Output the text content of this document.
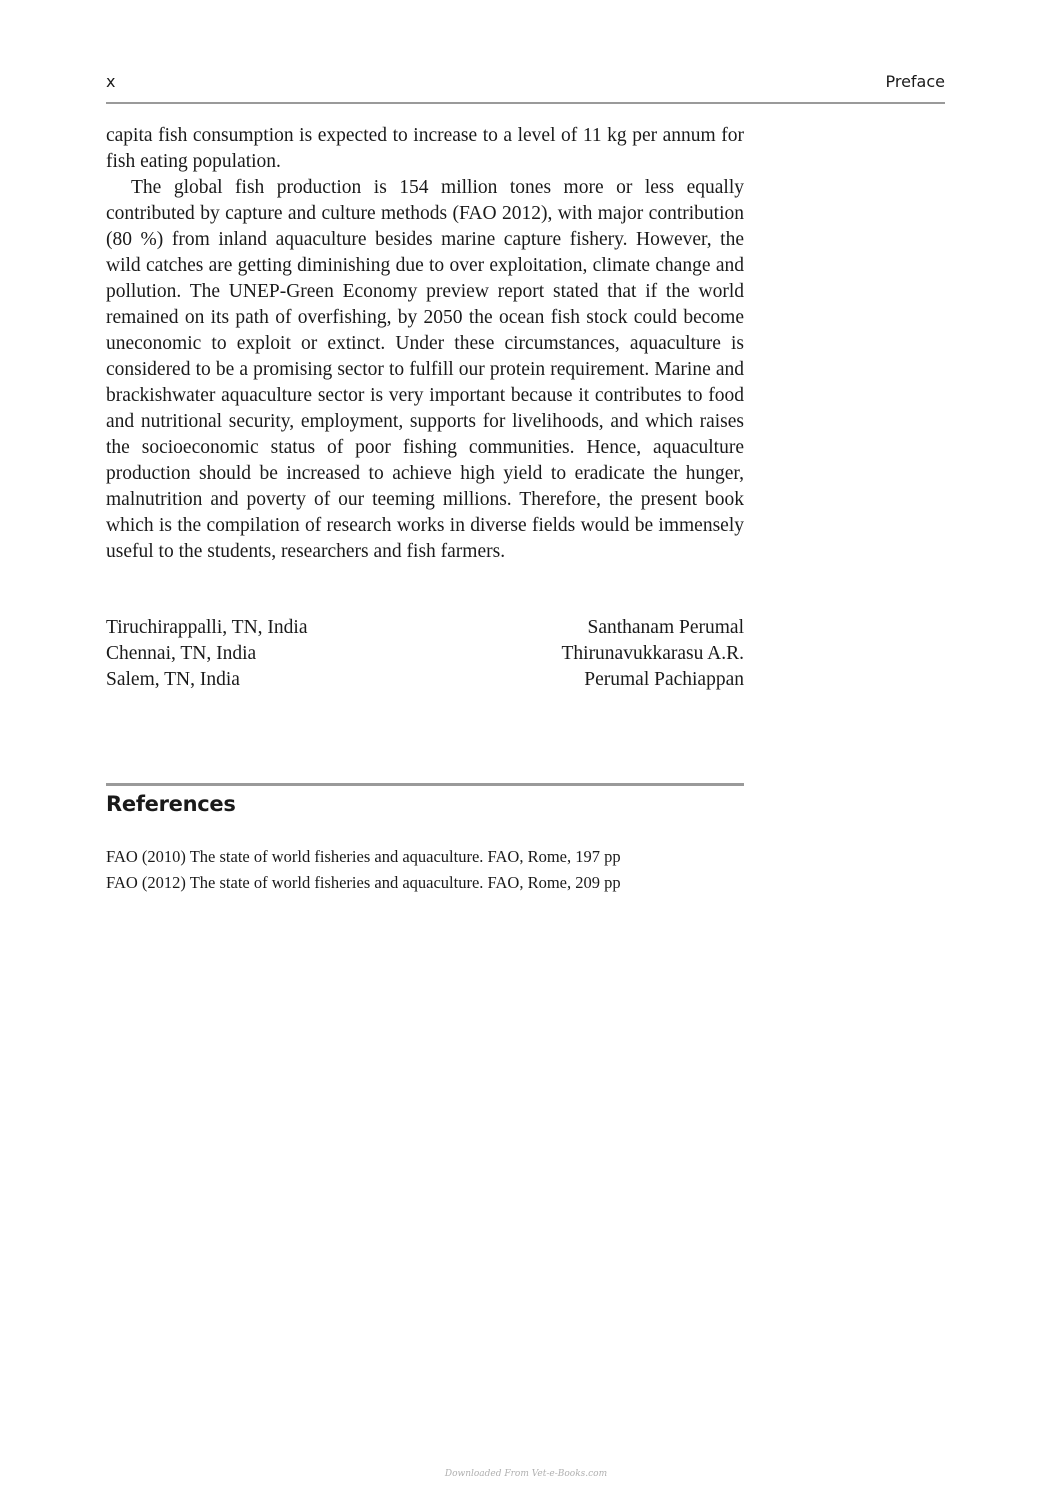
x	Preface

capita fish consumption is expected to increase to a level of 11 kg per annum for fish eating population.

The global fish production is 154 million tones more or less equally contributed by capture and culture methods (FAO 2012), with major contribution (80 %) from inland aquaculture besides marine capture fishery. However, the wild catches are getting diminishing due to over exploitation, climate change and pollution. The UNEP-Green Economy preview report stated that if the world remained on its path of overfishing, by 2050 the ocean fish stock could become uneconomic to exploit or extinct. Under these circumstances, aquaculture is considered to be a promising sector to fulfill our protein requirement. Marine and brackishwater aquaculture sector is very important because it contributes to food and nutritional security, employment, supports for livelihoods, and which raises the socioeconomic status of poor fishing communities. Hence, aquaculture production should be increased to achieve high yield to eradicate the hunger, malnutrition and poverty of our teeming millions. Therefore, the present book which is the compilation of research works in diverse fields would be immensely useful to the students, researchers and fish farmers.

Tiruchirappalli, TN, India	Santhanam Perumal
Chennai, TN, India	Thirunavukkarasu A.R.
Salem, TN, India	Perumal Pachiappan
References
FAO (2010) The state of world fisheries and aquaculture. FAO, Rome, 197 pp
FAO (2012) The state of world fisheries and aquaculture. FAO, Rome, 209 pp
Downloaded From Vet-e-Books.com
